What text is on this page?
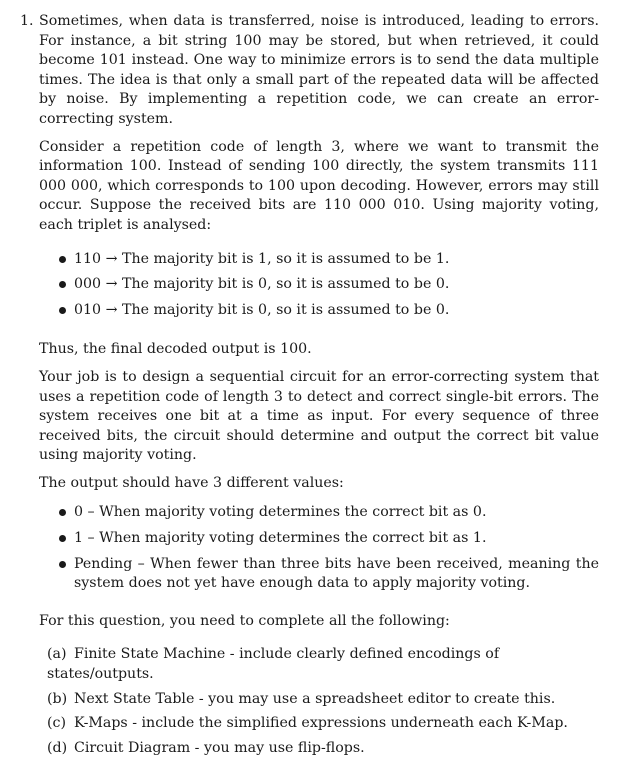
1. Sometimes, when data is transferred, noise is introduced, leading to errors. For instance, a bit string 100 may be stored, but when retrieved, it could become 101 instead. One way to minimize errors is to send the data multiple times. The idea is that only a small part of the repeated data will be affected by noise. By implementing a repetition code, we can create an error-correcting system.

Consider a repetition code of length 3, where we want to transmit the information 100. Instead of sending 100 directly, the system transmits 111 000 000, which corresponds to 100 upon decoding. However, errors may still occur. Suppose the received bits are 110 000 010. Using majority voting, each triplet is analysed:

110 → The majority bit is 1, so it is assumed to be 1.
000 → The majority bit is 0, so it is assumed to be 0.
010 → The majority bit is 0, so it is assumed to be 0.

Thus, the final decoded output is 100.

Your job is to design a sequential circuit for an error-correcting system that uses a repetition code of length 3 to detect and correct single-bit errors. The system receives one bit at a time as input. For every sequence of three received bits, the circuit should determine and output the correct bit value using majority voting.

The output should have 3 different values:

0 – When majority voting determines the correct bit as 0.
1 – When majority voting determines the correct bit as 1.
Pending – When fewer than three bits have been received, meaning the system does not yet have enough data to apply majority voting.

For this question, you need to complete all the following:

(a) Finite State Machine - include clearly defined encodings of states/outputs.
(b) Next State Table - you may use a spreadsheet editor to create this.
(c) K-Maps - include the simplified expressions underneath each K-Map.
(d) Circuit Diagram - you may use flip-flops.
